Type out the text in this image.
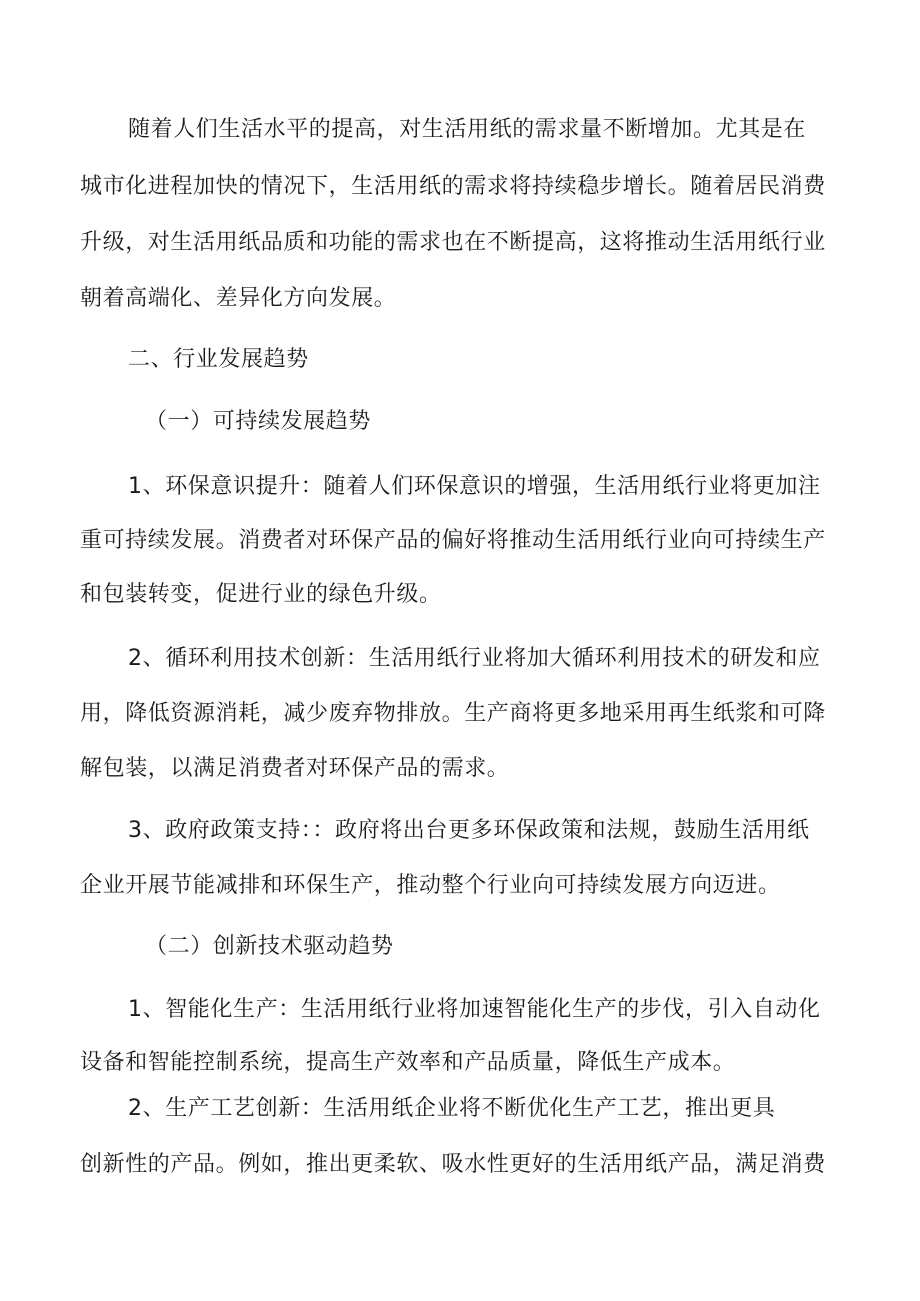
随着人们生活水平的提高，对生活用纸的需求量不断增加。尤其是在
城市化进程加快的情况下，生活用纸的需求将持续稳步增长。随着居民消费
升级，对生活用纸品质和功能的需求也在不断提高，这将推动生活用纸行业
朝着高端化、差异化方向发展。
二、行业发展趋势
（一）可持续发展趋势
1、环保意识提升：随着人们环保意识的增强，生活用纸行业将更加注
重可持续发展。消费者对环保产品的偏好将推动生活用纸行业向可持续生产
和包装转变，促进行业的绿色升级。
2、循环利用技术创新：生活用纸行业将加大循环利用技术的研发和应
用，降低资源消耗，减少废弃物排放。生产商将更多地采用再生纸浆和可降
解包装，以满足消费者对环保产品的需求。
3、政府政策支持：：政府将出台更多环保政策和法规，鼓励生活用纸
企业开展节能减排和环保生产，推动整个行业向可持续发展方向迈进。
（二）创新技术驱动趋势
1、智能化生产：生活用纸行业将加速智能化生产的步伐，引入自动化
设备和智能控制系统，提高生产效率和产品质量，降低生产成本。
2、生产工艺创新：生活用纸企业将不断优化生产工艺，推出更具
创新性的产品。例如，推出更柔软、吸水性更好的生活用纸产品，满足消费
